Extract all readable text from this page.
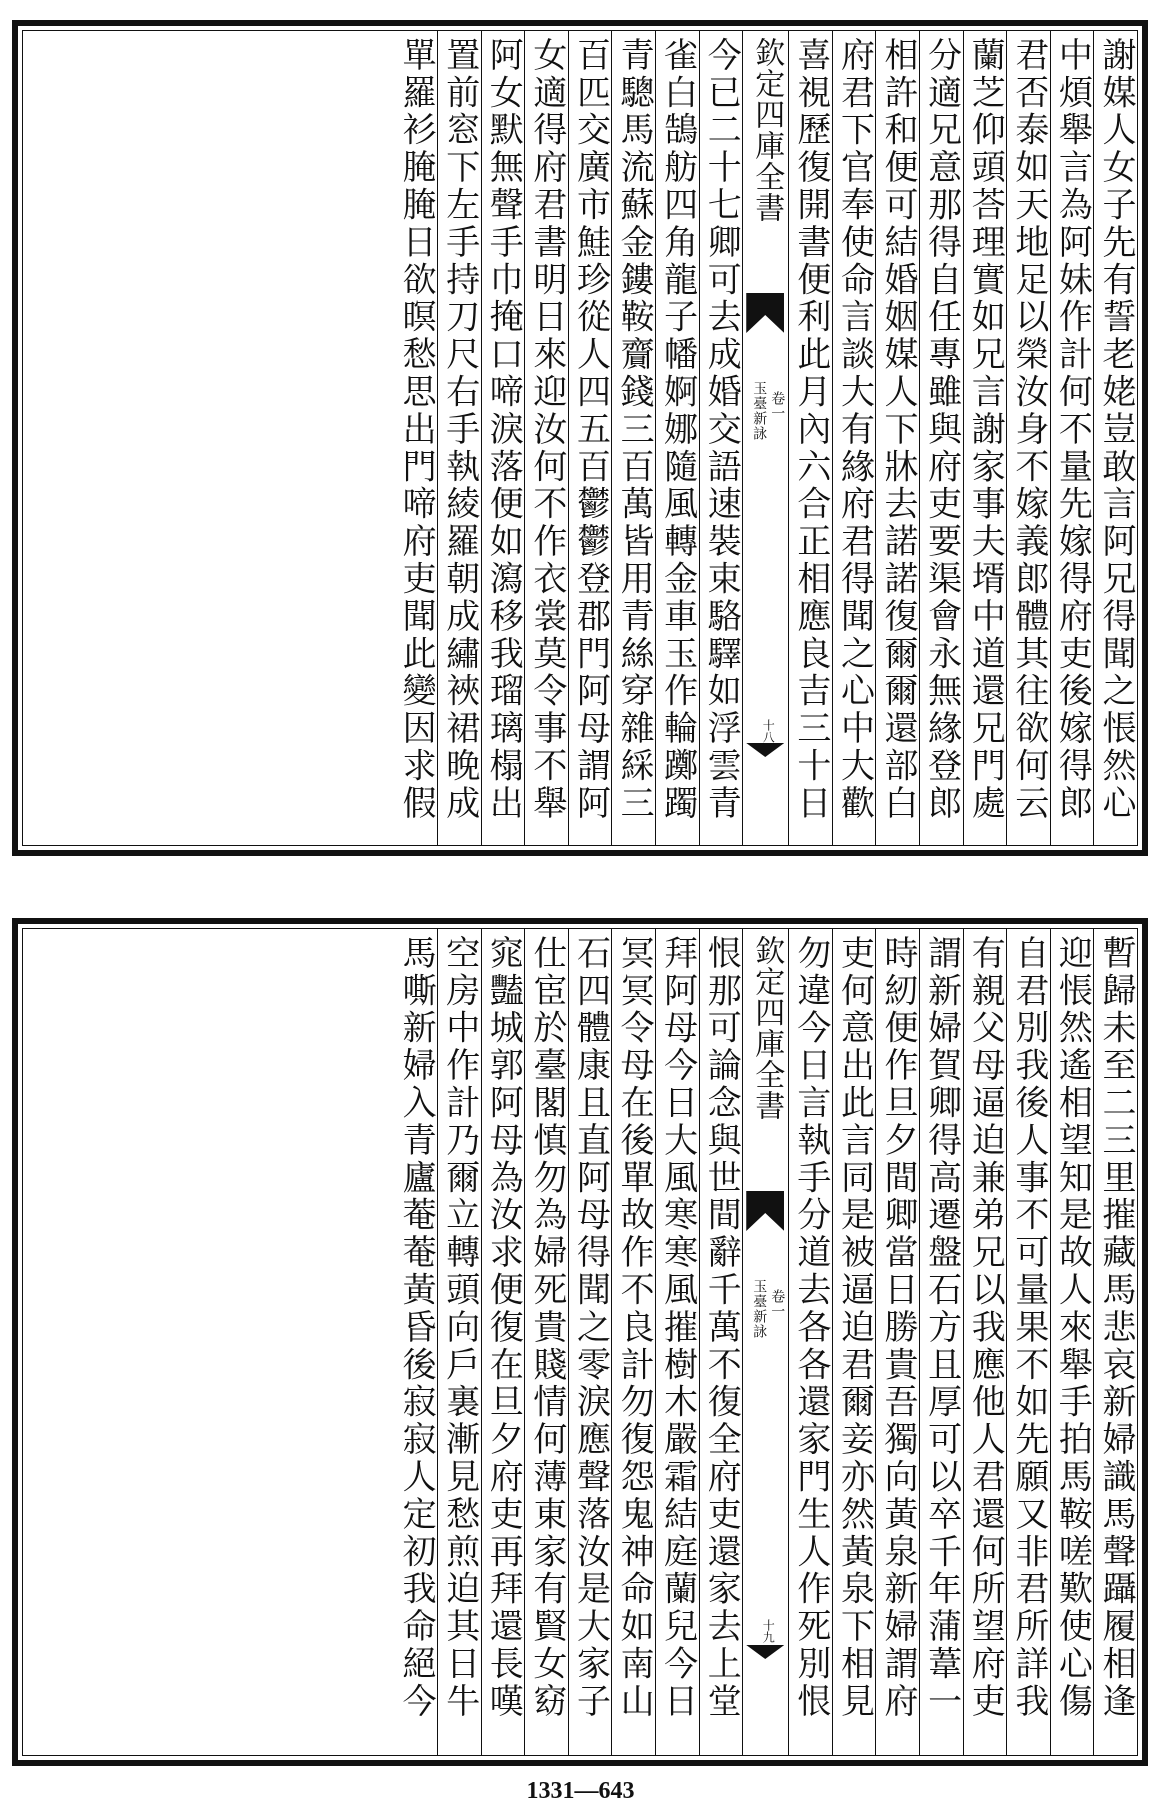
謝媒人女子先有誓老姥豈敢言阿兄得聞之悵然心
中煩舉言為阿妹作計何不量先嫁得府吏後嫁得郎
君否泰如天地足以榮汝身不嫁義郎體其往欲何云
蘭芝仰頭荅理實如兄言謝家事夫壻中道還兄門處
分適兄意那得自任專雖與府吏要渠會永無緣登郎
相許和便可結婚姻媒人下牀去諾諾復爾爾還部白
府君下官奉使命言談大有緣府君得聞之心中大歡
喜視歷復開書便利此月內六合正相應良吉三十日
欽定四庫全書
玉臺新詠 卷一
十八
今已二十七卿可去成婚交語速裝束駱驛如浮雲青
雀白鵠舫四角龍子幡婀娜隨風轉金車玉作輪躑躅
青驄馬流蘇金鏤鞍齎錢三百萬皆用青絲穿雜綵三
百匹交廣市鮭珍從人四五百鬱鬱登郡門阿母謂阿
女適得府君書明日來迎汝何不作衣裳莫令事不舉
阿女默無聲手巾掩口啼淚落便如瀉移我瑠璃榻出
置前窓下左手持刀尺右手執綾羅朝成繡裌裙晚成
單羅衫腌腌日欲暝愁思出門啼府吏聞此變因求假
暫歸未至二三里摧藏馬悲哀新婦識馬聲躡履相逢
迎悵然遙相望知是故人來舉手拍馬鞍嗟歎使心傷
自君別我後人事不可量果不如先願又非君所詳我
有親父母逼迫兼弟兄以我應他人君還何所望府吏
謂新婦賀卿得高遷盤石方且厚可以卒千年蒲葦一
時紉便作旦夕間卿當日勝貴吾獨向黃泉新婦謂府
吏何意出此言同是被逼迫君爾妾亦然黃泉下相見
勿違今日言執手分道去各各還家門生人作死別恨
欽定四庫全書
玉臺新詠 卷一
十九
恨那可論念與世間辭千萬不復全府吏還家去上堂
拜阿母今日大風寒寒風摧樹木嚴霜結庭蘭兒今日
冥冥令母在後單故作不良計勿復怨鬼神命如南山
石四體康且直阿母得聞之零淚應聲落汝是大家子
仕宦於臺閣慎勿為婦死貴賤情何薄東家有賢女窈
窕豔城郭阿母為汝求便復在旦夕府吏再拜還長嘆
空房中作計乃爾立轉頭向戶裏漸見愁煎迫其日牛
馬嘶新婦入青廬菴菴黃昏後寂寂人定初我命絕今
1331—643
